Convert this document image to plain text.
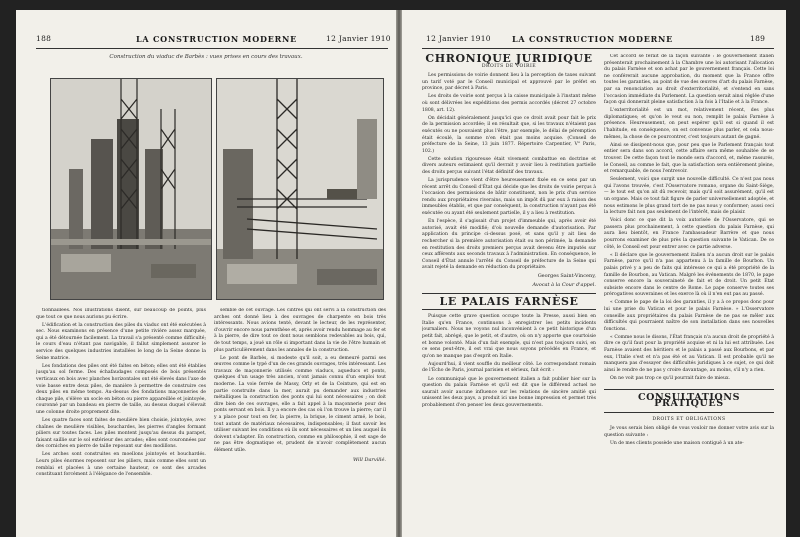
188	LA CONSTRUCTION MODERNE	12 Janvier 1910
Construction du viaduc de Barbès : vues prises en cours des travaux.

tionnaillées. Nos illustrations disent, sur beaucoup de points, plus que tout ce que nous aurions pu écrire.

L'édification et la construction des piles du viaduc ont été exécutées à sec. Nous examinons en présence d'une petite rivière assez marquée, qui a été détournée facilement. La travail s'a présenté comme difficulté; le cours d'eau n'étant pas navigable, il fallut simplement assurer le service des quelques industries installées le long de la Seine donne la Seine matrice.

Les fondations des piles ont été faites en béton; elles ont été établies jusqu'au sol ferme. Des échafaudages composés de bois présentés verticaux en bois avec planches horizontales ont été élevés dans l'axe de voie basse entre deux piles, de manière à permettre de construire ces deux piles en même temps. Au-dessus des fondations maçonneries de chaque pile, s'élève un socle en béton ou pierre appareillée et jointoyée, couronné par un bandeau en pierre de taille, au dessus duquel s'élevait une colonne droite proprement dite.

Les quatre faces sont faites de meulière bien choisie, jointoyée, avec chaînes de meulière visibles, bouchardes, les pierres d'angles formant piliers sur toutes faces. Les piles montent jusqu'au dessus du parapet, faisant saillie sur le sol extérieur des arcades; elles sont couronnées par des corniches en pierre de taille reposant sur des modillons.

Les arches sont construites en moellons jointoyés et bouchardés. Leurs piles énormes reposent sur les piliers, mais comme elles sont un remblai et placées à une certaine hauteur, ce sont des arcades constituant forcément à l'élégance de l'ensemble.

semble de cet ouvrage. Les cintres qui ont servi à la construction des arches ont donné lieu à des ouvrages de charpente en bois très intéressants. Nous avions tenté, devant le lecteur, de les représenter, d'ouvrir encore nous parenthèse et, après avoir rendu hommage au fer et à la pierre, de dire tout ce dont nous semblons redevables au bois, qui, de tout temps, a joué un rôle si important dans la vie de l'être humain et plus particulièrement dans les annales de la construction.

Le pont de Barbès, si modeste qu'il soit, a eu demeuré parmi ses œuvres comme le typé d'un de ces grands ouvrages, très intéressant. Les travaux de maçonnerie utilisés comme viaducs, aqueducs et ponts, quelques d'un usage très ancien, n'ont jamais connu d'un emploi tout moderne. La voie ferrée de Massy, Orly et de la Ceinture, qui est en partie construite dans la mer, aurait pu demander aux industries métalliques la construction des ponts qui lui sont nécessaires ; on doit dire bien de ces ouvrages, elle a fait appel à la maçonnerie pour des ponts servant en bois. Il y a encore des cas où l'on trouve la pierre; car il y a place pour tout en fer, la pierre, la brique, le ciment armé, le bois, tout autant de matériaux nécessaires, indispensables; il faut savoir les utiliser suivant les conditions où ils sont nécessaires et un lieu auquel ils doivent s'adapter. En construction, comme en philosophie, il est sage de ne pas être dogmatique et, prudent de n'avoir complètement aucun élément utile.

Will Darvillé.
12 Janvier 1910	LA CONSTRUCTION MODERNE	189
CHRONIQUE JURIDIQUE
DROITS DE VOIRIE

Les permissions de voirie donnent lieu à la perception de taxes suivant un tarif voté par le Conseil municipal et approuvé par le préfet en province, par décret à Paris.

Les droits de voirie sont perçus à la caisse municipale à l'instant même où sont délivrées les expéditions des permis accordés (décret 27 octobre 1808, art. 12).

On décidait généralement jusqu'ici que ce droit avait pour fait le prix de la permission accordée; il en résultait que, si les travaux n'étaient pas exécutés ou ne pouvaient plus l'être, par exemple, le délai de péremption était écoulé, la somme n'en était pas moins acquise. (Conseil de préfecture de la Seine, 13 juin 1877. Répertoire Carpentier, V° Paris, 102.)

Cette solution rigoureuse était vivement combattue en doctrine et divers auteurs estimaient qu'il devrait y avoir lieu à restitution partielle des droits perçus suivant l'état définitif des travaux.

La jurisprudence vient d'être heureusement fixée en ce sens par un récent arrêt du Conseil d'État qui décide que les droits de voirie perçus à l'occasion des permissions de bâtir constituent, non le prix d'un service rendu aux propriétaires riverains, mais un impôt dû par eux à raison des immeubles établis, et que par conséquent, la construction n'ayant pas été exécutée ou ayant été seulement partielle, il y a lieu à restitution.

En l'espèce, il s'agissait d'un projet d'immeuble qui, après avoir été autorisé, avait été modifié; d'où nouvelle demande d'autorisation. Par application du principe ci-dessus posé, et sans qu'il y ait lieu de rechercher si la première autorisation était ou non périmée, la demande en restitution des droits premiers perçus avait devenu être imputés sur ceux afférents aux seconds travaux à l'administration. En conséquence, le Conseil d'État annule l'arrêté du Conseil de préfecture de la Seine qui avait rejeté la demande en réduction du propriétaire.

Georges Saint-Vinceny,
Avocat à la Cour d'appel.
LE PALAIS FARNÈSE

Puisque cette grave question occupe toute la Presse, aussi bien en Italie qu'en France, continuons à enregistrer les petits incidents journaliers. Nous ne voyons nul inconvénient à ce petit historique d'un petit fait, abrégé, que le petit, et d'autre, où on n'y apporte que courtoisie et bonne volonté. Mais d'un fait exemple, qui n'est pas toujours suivi, en ce sens peut-être, il est vrai que nous soyons précédés en France, et qu'on ne manque pas d'esprit en Italie.

Aujourd'hui, il vient souffle du meilleur côté. Le correspondant romain de l'Écho de Paris, journal parisien et sérieux, fait écrit :

Le communiqué que le gouvernement italien a fait publier hier sur la question du palais Farnèse et qu'il est dit que le différend actuel ne saurait avoir aucune influence sur les relations de sincère amitié qui unissent les deux pays, a produit ici une bonne impression et permet très probablement d'en penser les deux gouvernements.

Cet accord se ferait de la façon suivante : le gouvernement italien présenterait prochainement à la Chambre une loi autorisant l'allocation du palais Farnèse et son achat par le gouvernement français. Cette loi ne conférerait aucune approbation, du moment que la France offre toutes les garanties, au point de vue des œuvres d'art du palais Farnèse, par sa renonciation au droit d'exterritorialité, et s'entend en sans l'occasion immédiate du Parlement. La question serait ainsi réglée d'une façon qui donnerait pleine satisfaction à la fois à l'Italie et à la France.

L'exterritorialité est un mot, relativement récent, des plus diplomatiques; et qu'on le veut ou non, remplit le palais Farnèse à présence. Heureusement, on peut espérer qu'il est si quand il est l'habitude, en conséquence, on est convenue plus parler, et cela nous-mêmes, la chose de ce pourcontrer, c'est toujours autant de gagné.

Ainsi se dissipent-nous que, pour peu que le Parlement français tout entier sera dans son accord, cette affaire sera même souhaitée de se trouver. De cette façon tout le monde sera d'accord, et, même rassurés, le Conseil, au comme le fait, que la satisfaction sera entièrement pleine, et remarquable, de nous l'entrevoir.

Seulement, voici que surgit une nouvelle difficulté. Ce n'est pas nous qui l'avons trouvée, c'est l'Osservatore romano, organe du Saint-Siège, — le tout est qu'on ait dû recevoir, mais qu'il soit assurément, qu'il est un organe. Mais ce tout fait figure de parler universellement adoptée, et nous estimons le plus grand tort de ne pas nous y conformer; aussi ceci la lecture fait non pas seulement de l'intérêt, mais de plaisir.

Voici donc ce que dit la voix autorisée de l'Osservatore, qui se passera plus prochainement, à cette question du palais Farnèse, qui aura lieu bientôt, en France l'ambassadeur Barrère et que nous pourrons examiner de plus près la question suivante le Vatican. De ce côté, le Conseil est pour entrer avec ce partie adverse.

« Il déclare que le gouvernement italien n'a aucun droit sur le palais Farnèse, parce qu'il n'a pas appartenu à la famille de Bourbon. Un palais privé y a peu de faits qui intéresse ce qui a été propriété de la famille de Bourbon, au Vatican. Malgré les événements de 1870, le pape conserve encore la souveraineté de fait et de droit. Un petit État subsiste encore dans le centre de Rome. Le pape conserve toutes ses prérogatives souveraines et les exerce là où il n'en eut pas au passé.

« Comme le pape de la loi des garanties, il y a à ce propos donc pour lui une prise du Vatican et pour le palais Farnèse. » L'Osservatore conseille aux propriétaires du palais Farnèse de ne pas se mêler aux difficultés qui pourraient naître de son installation dans ses nouvelles fonctions.

« Comme nous le disons, l'État français n'a aucun droit de propriété à dire ce qu'il faut pour la propriété acquise et ni la lui est attribuée. Les Farnèse avaient des héritiers et le palais a passé aux Bourbons, et par eux, l'Italie s'est et n'a pas été et au Vatican. Il est probable qu'il ne manquera pas d'essayer des difficultés juridiques à ce sujet, ce qui doit ainsi le rendre de ne pas y croire davantage, au moins, s'il n'y a rien.

On ne voit pas trop ce qu'il pourrait faire de mieux.

CONSULTATIONS PRATIQUES
DROITS ET OBLIGATIONS

Je vous serais bien obligé de vous vouloir me donner votre avis sur la question suivante :

Un de mes clients possède une maison contiguë à un ate-
